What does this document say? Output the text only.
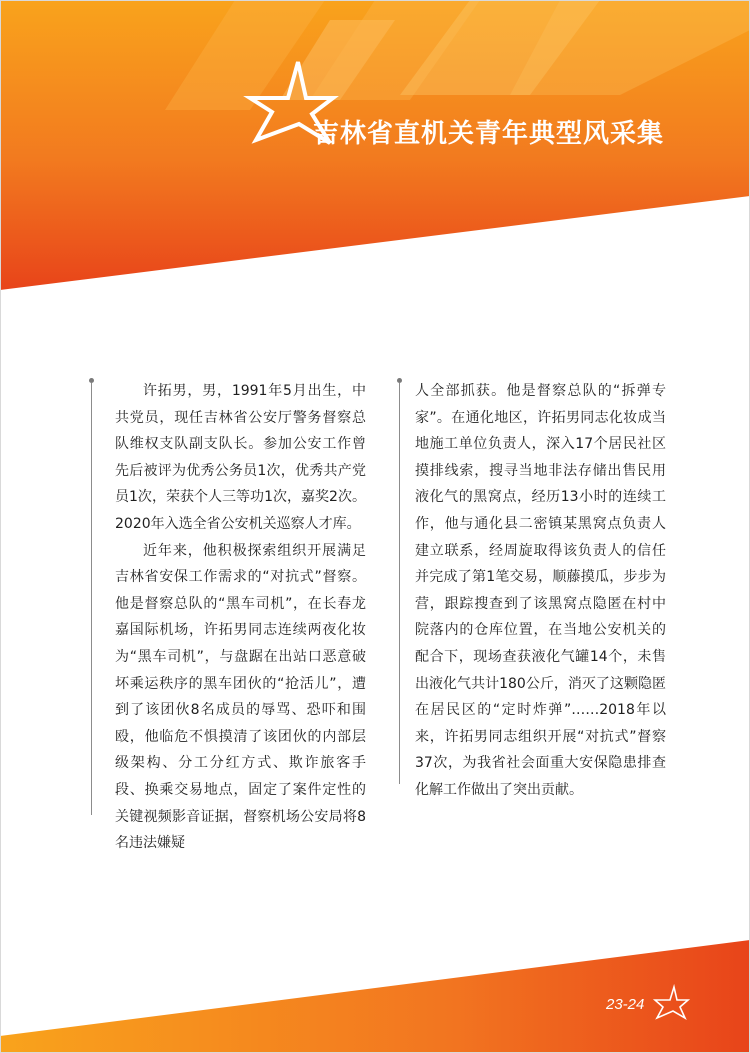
吉林省直机关青年典型风采集

许拓男，男，1991年5月出生，中共党员，现任吉林省公安厅警务督察总队维权支队副支队长。参加公安工作曾先后被评为优秀公务员1次，优秀共产党员1次，荣获个人三等功1次，嘉奖2次。2020年入选全省公安机关巡察人才库。

近年来，他积极探索组织开展满足吉林省安保工作需求的“对抗式”督察。他是督察总队的“黑车司机”，在长春龙嘉国际机场，许拓男同志连续两夜化妆为“黑车司机”，与盘踞在出站口恶意破坏乘运秩序的黑车团伙的“抢活儿”，遭到了该团伙8名成员的辱骂、恐吓和围殴，他临危不惧摸清了该团伙的内部层级架构、分工分红方式、欺诈旅客手段、换乘交易地点，固定了案件定性的关键视频影音证据，督察机场公安局将8名违法嫌疑

人全部抓获。他是督察总队的“拆弹专家”。在通化地区，许拓男同志化妆成当地施工单位负责人，深入17个居民社区摸排线索，搜寻当地非法存储出售民用液化气的黑窝点，经历13小时的连续工作，他与通化县二密镇某黑窝点负责人建立联系，经周旋取得该负责人的信任并完成了第1笔交易，顺藤摸瓜，步步为营，跟踪搜查到了该黑窝点隐匿在村中院落内的仓库位置，在当地公安机关的配合下，现场查获液化气罐14个，未售出液化气共计180公斤，消灭了这颗隐匿在居民区的“定时炸弹”……2018年以来，许拓男同志组织开展“对抗式”督察37次，为我省社会面重大安保隐患排查化解工作做出了突出贡献。

23-24
